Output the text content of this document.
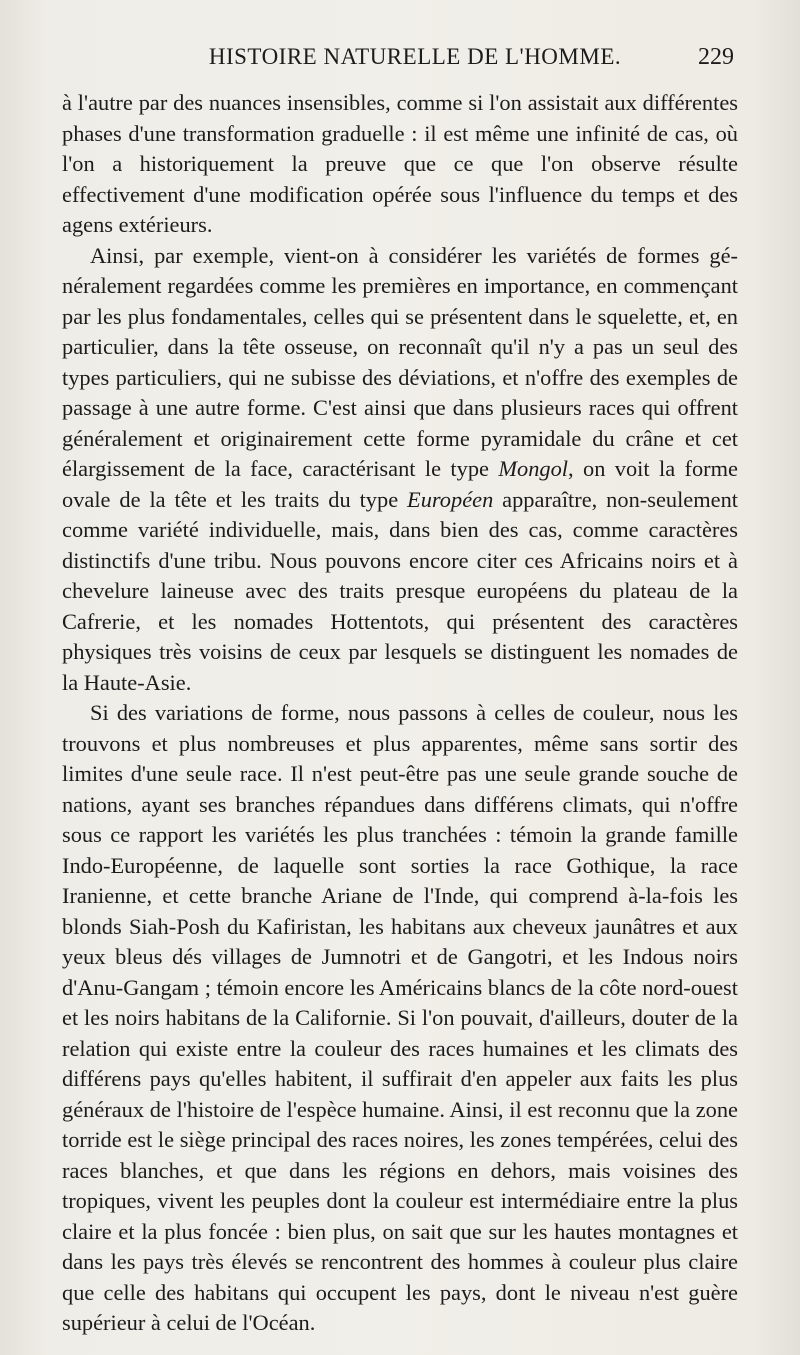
HISTOIRE NATURELLE DE L'HOMME.	229

à l'autre par des nuances insensibles, comme si l'on assistait aux différentes phases d'une transformation graduelle : il est même une infinité de cas, où l'on a historiquement la preuve que ce que l'on observe résulte effectivement d'une modification opérée sous l'influence du temps et des agens extérieurs.

Ainsi, par exemple, vient-on à considérer les variétés de formes généralement regardées comme les premières en importance, en commençant par les plus fondamentales, celles qui se présentent dans le squelette, et, en particulier, dans la tête osseuse, on reconnaît qu'il n'y a pas un seul des types particuliers, qui ne subisse des déviations, et n'offre des exemples de passage à une autre forme. C'est ainsi que dans plusieurs races qui offrent généralement et originairement cette forme pyramidale du crâne et cet élargissement de la face, caractérisant le type Mongol, on voit la forme ovale de la tête et les traits du type Européen apparaître, non-seulement comme variété individuelle, mais, dans bien des cas, comme caractères distinctifs d'une tribu. Nous pouvons encore citer ces Africains noirs et à chevelure laineuse avec des traits presque européens du plateau de la Cafrerie, et les nomades Hottentots, qui présentent des caractères physiques très voisins de ceux par lesquels se distinguent les nomades de la Haute-Asie.

Si des variations de forme, nous passons à celles de couleur, nous les trouvons et plus nombreuses et plus apparentes, même sans sortir des limites d'une seule race. Il n'est peut-être pas une seule grande souche de nations, ayant ses branches répandues dans différens climats, qui n'offre sous ce rapport les variétés les plus tranchées : témoin la grande famille Indo-Européenne, de laquelle sont sorties la race Gothique, la race Iranienne, et cette branche Ariane de l'Inde, qui comprend à-la-fois les blonds Siah-Posh du Kafiristan, les habitans aux cheveux jaunâtres et aux yeux bleus dés villages de Jumnotri et de Gangotri, et les Indous noirs d'Anu-Gangam ; témoin encore les Américains blancs de la côte nord-ouest et les noirs habitans de la Californie. Si l'on pouvait, d'ailleurs, douter de la relation qui existe entre la couleur des races humaines et les climats des différens pays qu'elles habitent, il suffirait d'en appeler aux faits les plus généraux de l'histoire de l'espèce humaine. Ainsi, il est reconnu que la zone torride est le siège principal des races noires, les zones tempérées, celui des races blanches, et que dans les régions en dehors, mais voisines des tropiques, vivent les peuples dont la couleur est intermédiaire entre la plus claire et la plus foncée : bien plus, on sait que sur les hautes montagnes et dans les pays très élevés se rencontrent des hommes à couleur plus claire que celle des habitans qui occupent les pays, dont le niveau n'est guère supérieur à celui de l'Océan.
